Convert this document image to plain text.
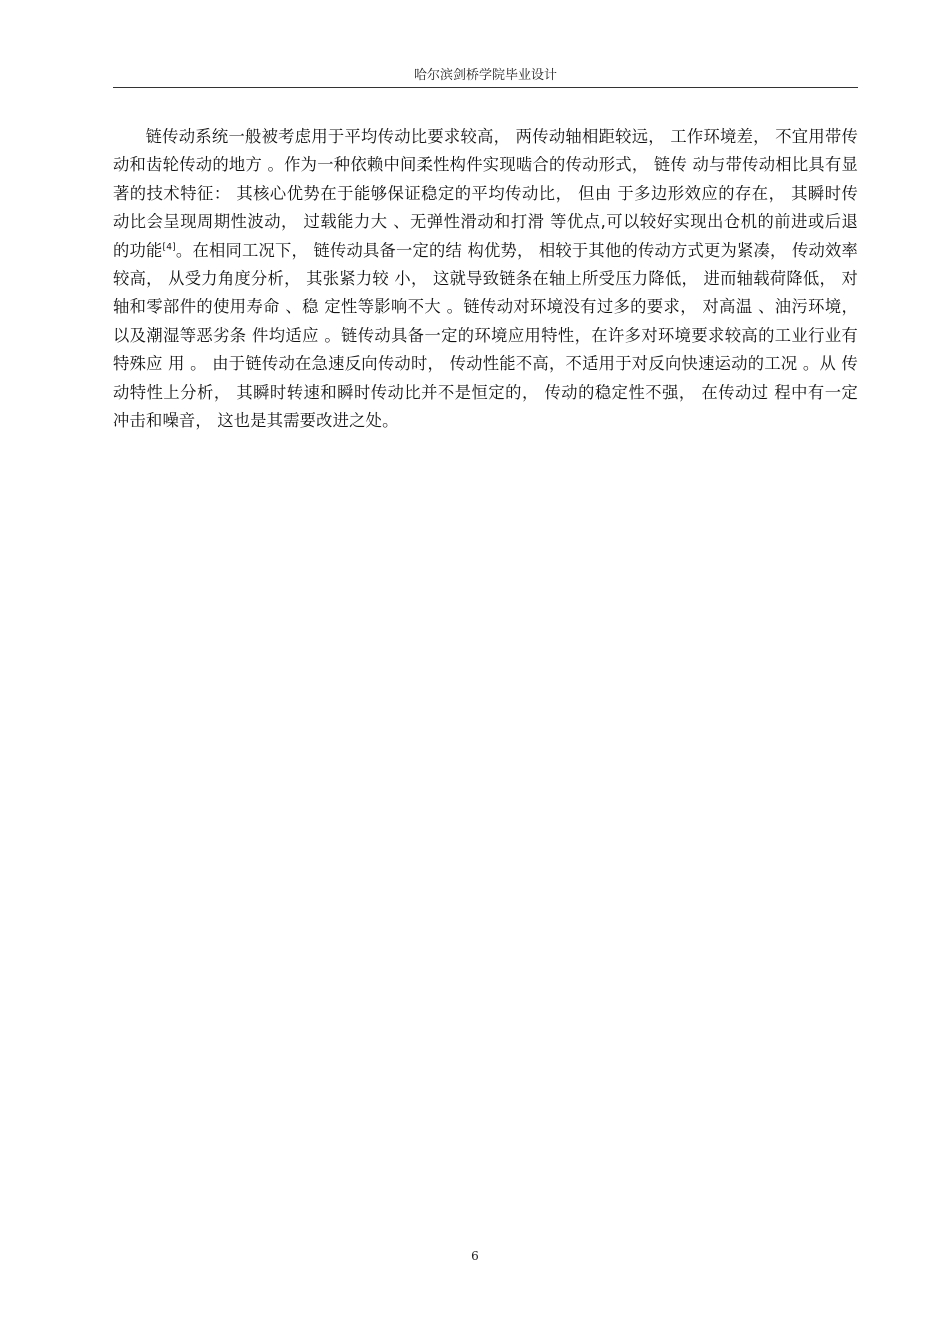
哈尔滨剑桥学院毕业设计

链传动系统一般被考虑用于平均传动比要求较高， 两传动轴相距较远， 工作环境差， 不宜用带传动和齿轮传动的地方 。作为一种依赖中间柔性构件实现啮合的传动形式， 链传 动与带传动相比具有显著的技术特征： 其核心优势在于能够保证稳定的平均传动比， 但由 于多边形效应的存在， 其瞬时传动比会呈现周期性波动， 过载能力大 、无弹性滑动和打滑 等优点,可以较好实现出仓机的前进或后退的功能[4]。在相同工况下， 链传动具备一定的结 构优势， 相较于其他的传动方式更为紧凑， 传动效率较高， 从受力角度分析， 其张紧力较 小， 这就导致链条在轴上所受压力降低， 进而轴载荷降低， 对轴和零部件的使用寿命 、稳 定性等影响不大 。链传动对环境没有过多的要求， 对高温 、油污环境， 以及潮湿等恶劣条 件均适应 。链传动具备一定的环境应用特性，在许多对环境要求较高的工业行业有特殊应 用 。 由于链传动在急速反向传动时， 传动性能不高，不适用于对反向快速运动的工况 。从 传动特性上分析， 其瞬时转速和瞬时传动比并不是恒定的， 传动的稳定性不强， 在传动过 程中有一定冲击和噪音， 这也是其需要改进之处。

6
